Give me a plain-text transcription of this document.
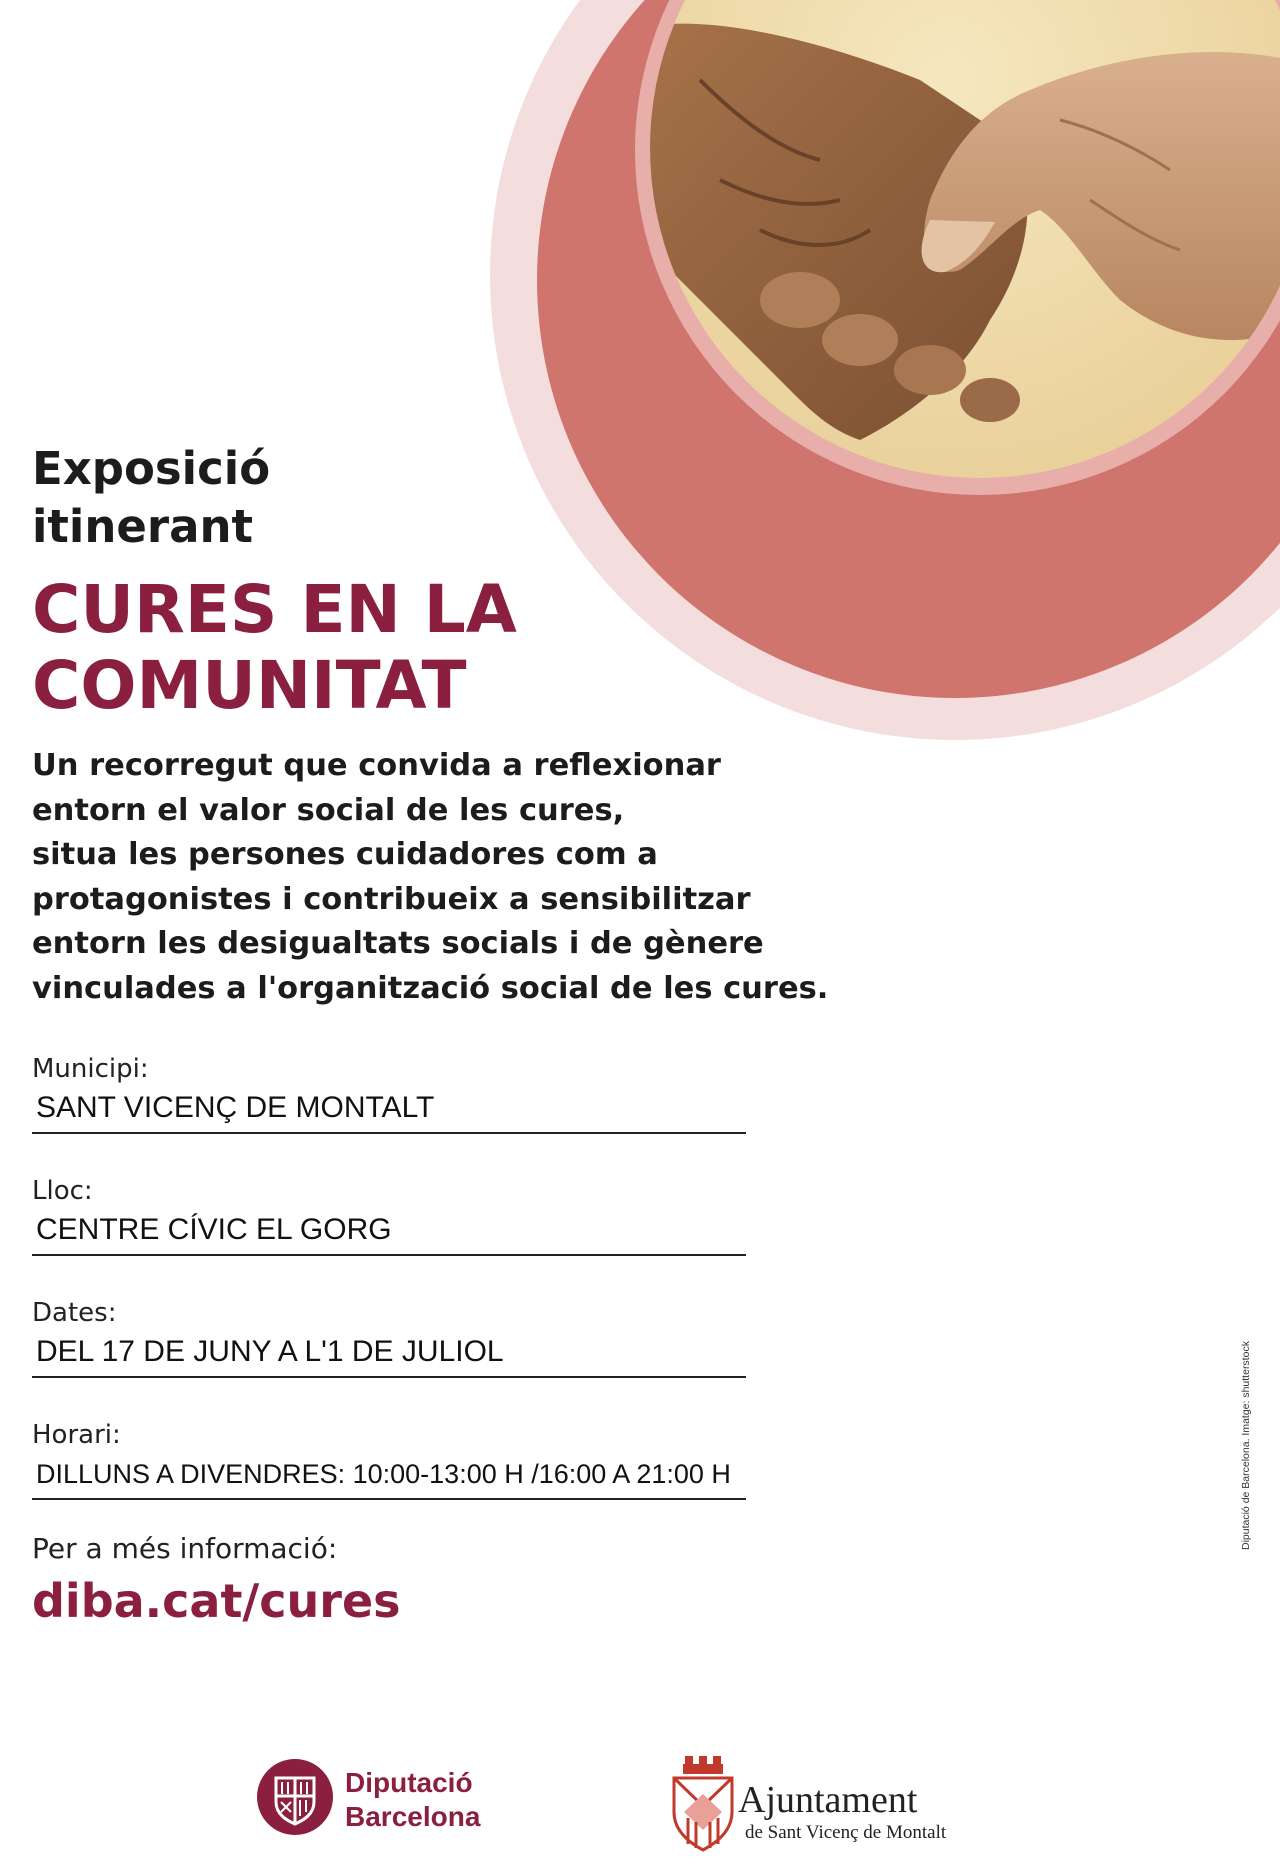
Exposició
itinerant
CURES EN LA
COMUNITAT
Un recorregut que convida a reflexionar
entorn el valor social de les cures,
situa les persones cuidadores com a
protagonistes i contribueix a sensibilitzar
entorn les desigualtats socials i de gènere
vinculades a l'organització social de les cures.
Municipi:
SANT VICENÇ DE MONTALT
Lloc:
CENTRE CÍVIC EL GORG
Dates:
DEL 17 DE JUNY A L'1 DE JULIOL
Horari:
DILLUNS A DIVENDRES: 10:00-13:00 H /16:00 A 21:00 H
Per a més informació:
diba.cat/cures
Diputació de Barcelona. Imatge: shutterstock
Diputació
Barcelona	Ajuntament
de Sant Vicenç de Montalt
